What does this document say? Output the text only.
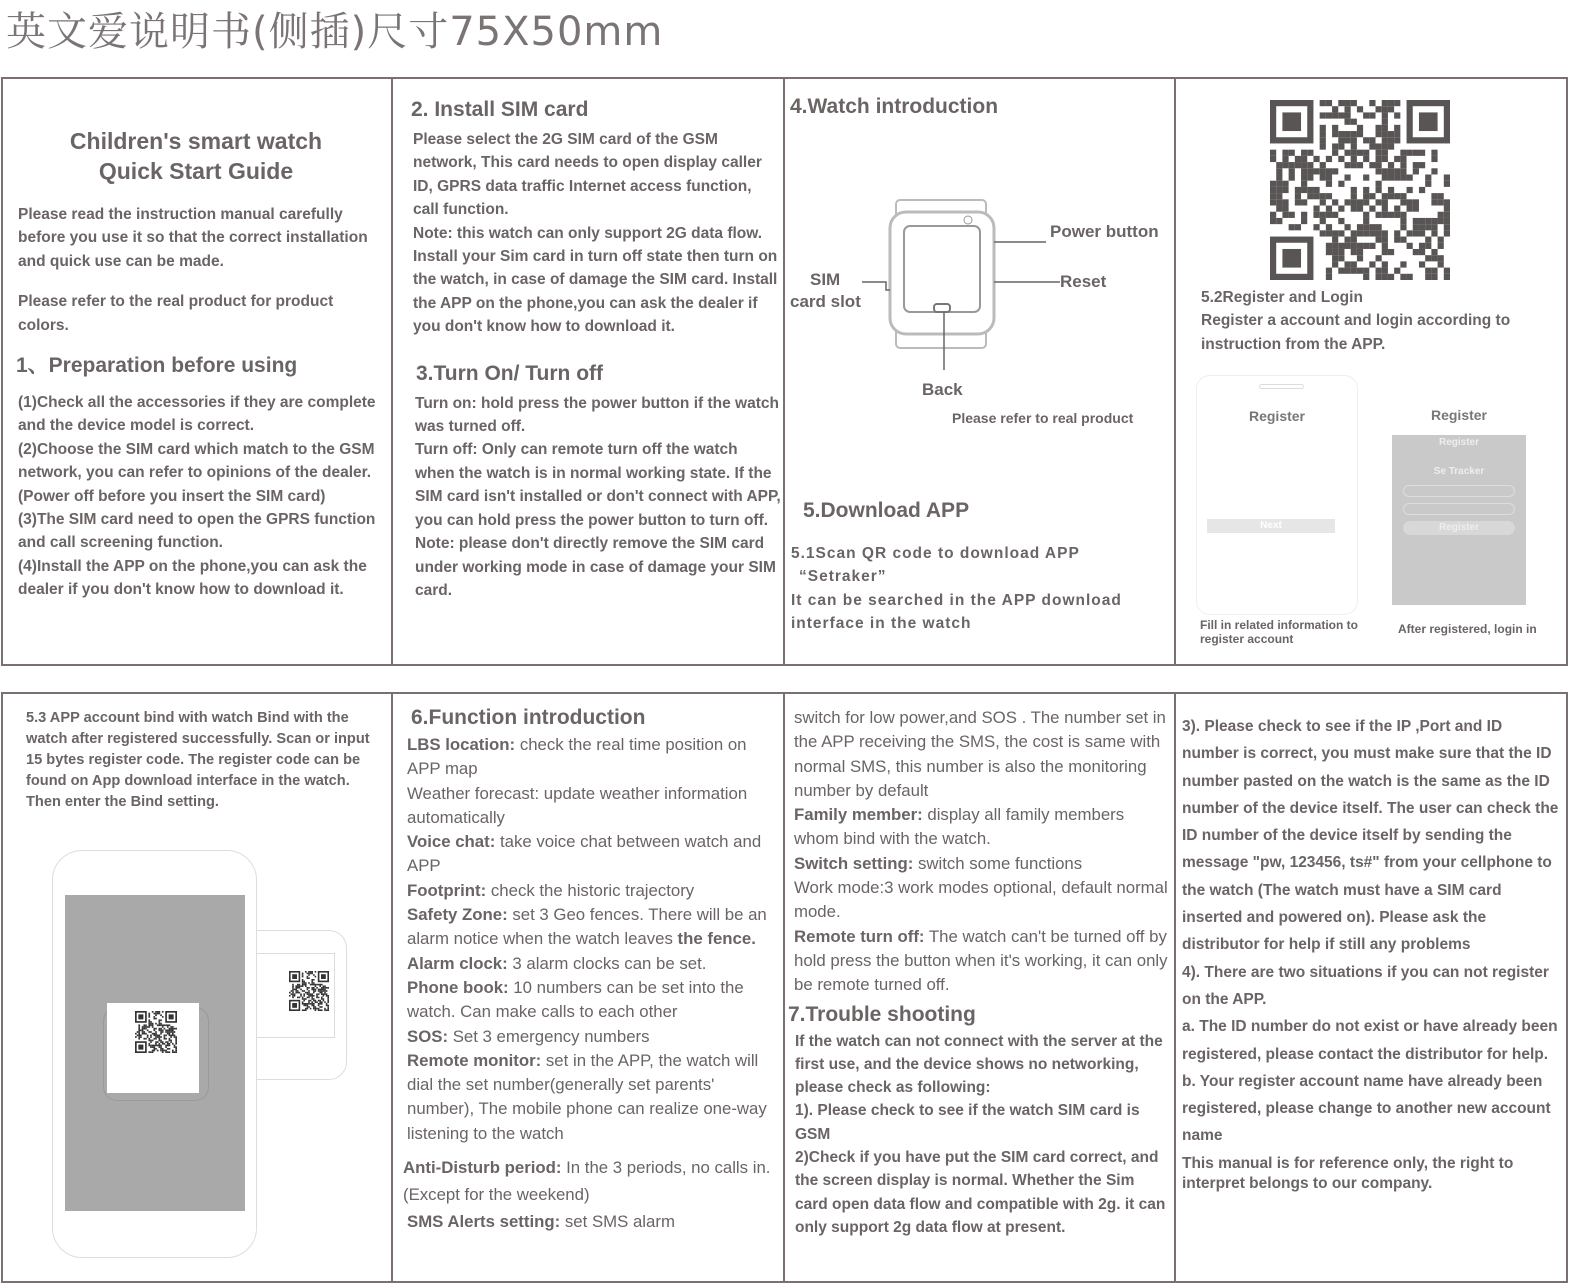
英文爱说明书(侧插)尺寸75X50mm
Children's smart watch
Quick Start Guide
Please read the instruction manual carefully before you use it so that the correct installation and quick use can be made.
Please refer to the real product for product colors.
1、Preparation before using
(1)Check all the accessories if they are complete and the device model is correct.
(2)Choose the SIM card which match to the GSM network, you can refer to opinions of the dealer.(Power off before you insert the SIM card)
(3)The SIM card need to open the GPRS function and call screening function.
(4)Install the APP on the phone,you can ask the dealer if you don't know how to download it.
2. Install SIM card
Please select the 2G SIM card of the GSM network, This card needs to open display caller ID, GPRS data traffic Internet access function, call function.
Note: this watch can only support 2G data flow. Install your Sim card in turn off state then turn on the watch, in case of damage the SIM card. Install the APP on the phone,you can ask the dealer if you don't know how to download it.
3.Turn On/ Turn off
Turn on: hold press the power button if the watch was turned off.
Turn off: Only can remote turn off the watch when the watch is in normal working state. If the SIM card isn't installed or don't connect with APP, you can hold press the power button to turn off.
Note: please don't directly remove the SIM card under working mode in case of damage your SIM card.
4.Watch introduction
Power button
SIM
card slot
Reset
Back
Please refer to real product
5.Download APP
5.1Scan QR code to download APP
“Setraker”
It can be searched in the APP download interface in the watch
5.2Register and Login
Register a account and login according to instruction from the APP.
Register
Next
Register
Register
Se Tracker
Register
Fill in related information to register account
After registered, login in
5.3 APP account bind with watch Bind with the watch after registered successfully. Scan or input 15 bytes register code. The register code can be found on App download interface in the watch. Then enter the Bind setting.
6.Function introduction
LBS location: check the real time position on APP map
Weather forecast: update weather information automatically
Voice chat: take voice chat between watch and APP
Footprint: check the historic trajectory
Safety Zone: set 3 Geo fences. There will be an alarm notice when the watch leaves the fence.
Alarm clock: 3 alarm clocks can be set.
Phone book: 10 numbers can be set into the watch. Can make calls to each other
SOS: Set 3 emergency numbers
Remote monitor: set in the APP, the watch will dial the set number(generally set parents' number), The mobile phone can realize one-way listening to the watch
Anti-Disturb period: In the 3 periods, no calls in.(Except for the weekend)
SMS Alerts setting: set SMS alarm
switch for low power,and SOS . The number set in the APP receiving the SMS, the cost is same with normal SMS, this number is also the monitoring number by default
Family member: display all family members whom bind with the watch.
Switch setting: switch some functions
Work mode:3 work modes optional, default normal mode.
Remote turn off: The watch can't be turned off by hold press the button when it's working, it can only be remote turned off.
7.Trouble shooting
If the watch can not connect with the server at the first use, and the device shows no networking, please check as following:
1). Please check to see if the watch SIM card is GSM
2)Check if you have put the SIM card correct, and the screen display is normal. Whether the Sim card open data flow and compatible with 2g. it can only support 2g data flow at present.
3). Please check to see if the IP ,Port and ID number is correct, you must make sure that the ID number pasted on the watch is the same as the ID number of the device itself. The user can check the ID number of the device itself by sending the message "pw, 123456, ts#" from your cellphone to the watch (The watch must have a SIM card inserted and powered on). Please ask the distributor for help if still any problems
4). There are two situations if you can not register on the APP.
a. The ID number do not exist or have already been registered, please contact the distributor for help.
b. Your register account name have already been registered, please change to another new account name
This manual is for reference only, the right to interpret belongs to our company.
